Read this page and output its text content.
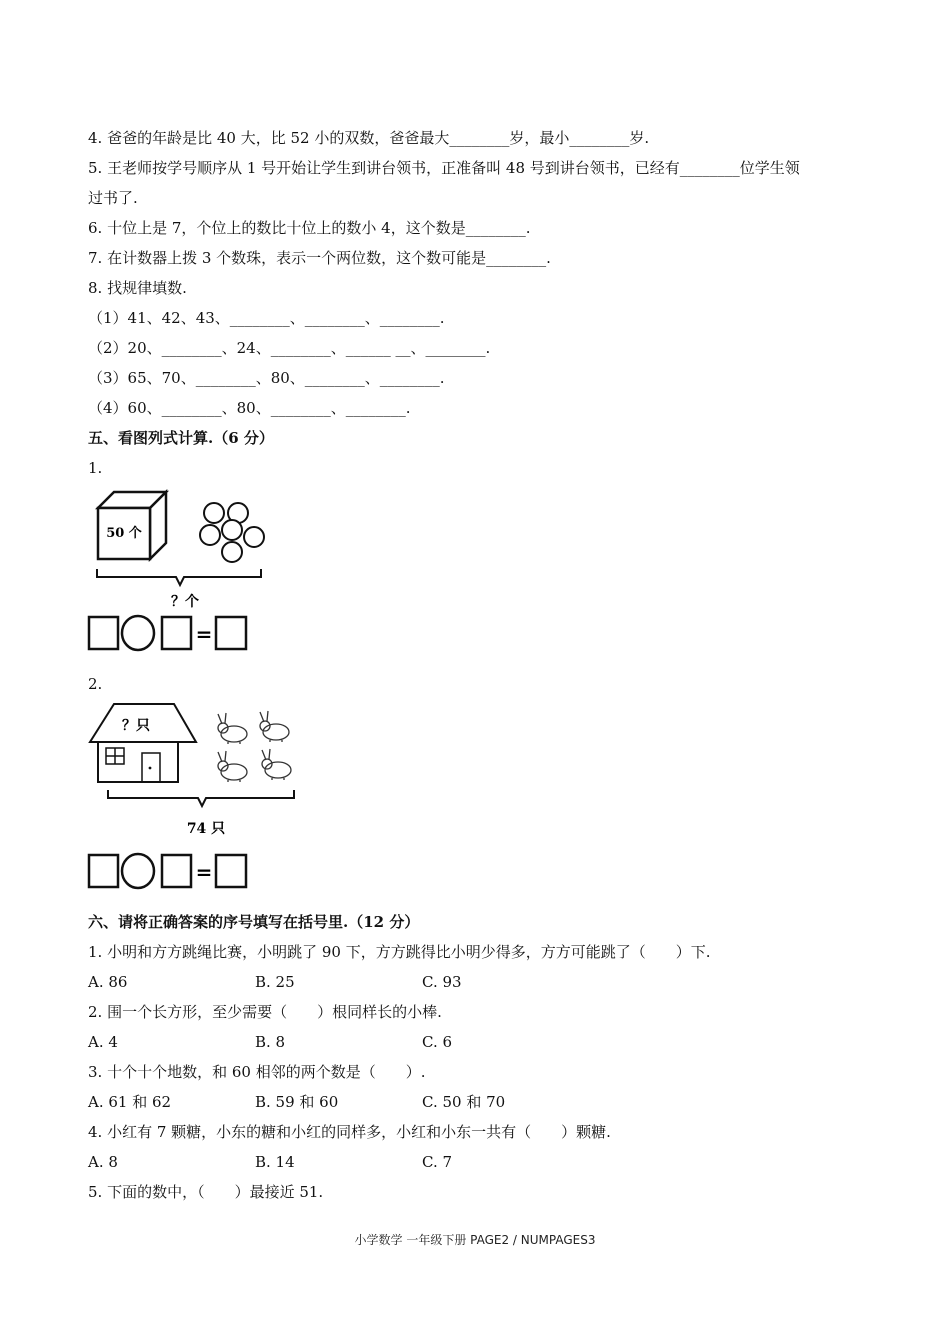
4. 爸爸的年龄是比 40 大，比 52 小的双数，爸爸最大________岁，最小________岁.
5. 王老师按学号顺序从 1 号开始让学生到讲台领书，正准备叫 48 号到讲台领书，已经有________位学生领
过书了.
6. 十位上是 7，个位上的数比十位上的数小 4，这个数是________.
7. 在计数器上拨 3 个数珠，表示一个两位数，这个数可能是________.
8. 找规律填数.
（1）41、42、43、________、________、________.
（2）20、________、24、________、______ __、________.
（3）65、70、________、80、________、________.
（4）60、________、80、________、________.
五、看图列式计算.（6 分）
1.
50 个
？个
=
2.
？只
74 只
=
六、请将正确答案的序号填写在括号里.（12 分）
1. 小明和方方跳绳比赛，小明跳了 90 下，方方跳得比小明少得多，方方可能跳了（　　）下.
A. 86	B. 25	C. 93
2. 围一个长方形，至少需要（　　）根同样长的小棒.
A. 4	B. 8	C. 6
3. 十个十个地数，和 60 相邻的两个数是（　　）.
A. 61 和 62	B. 59 和 60	C. 50 和 70
4. 小红有 7 颗糖，小东的糖和小红的同样多，小红和小东一共有（　　）颗糖.
A. 8	B. 14	C. 7
5. 下面的数中，（　　）最接近 51.
小学数学 一年级下册 PAGE2 / NUMPAGES3
